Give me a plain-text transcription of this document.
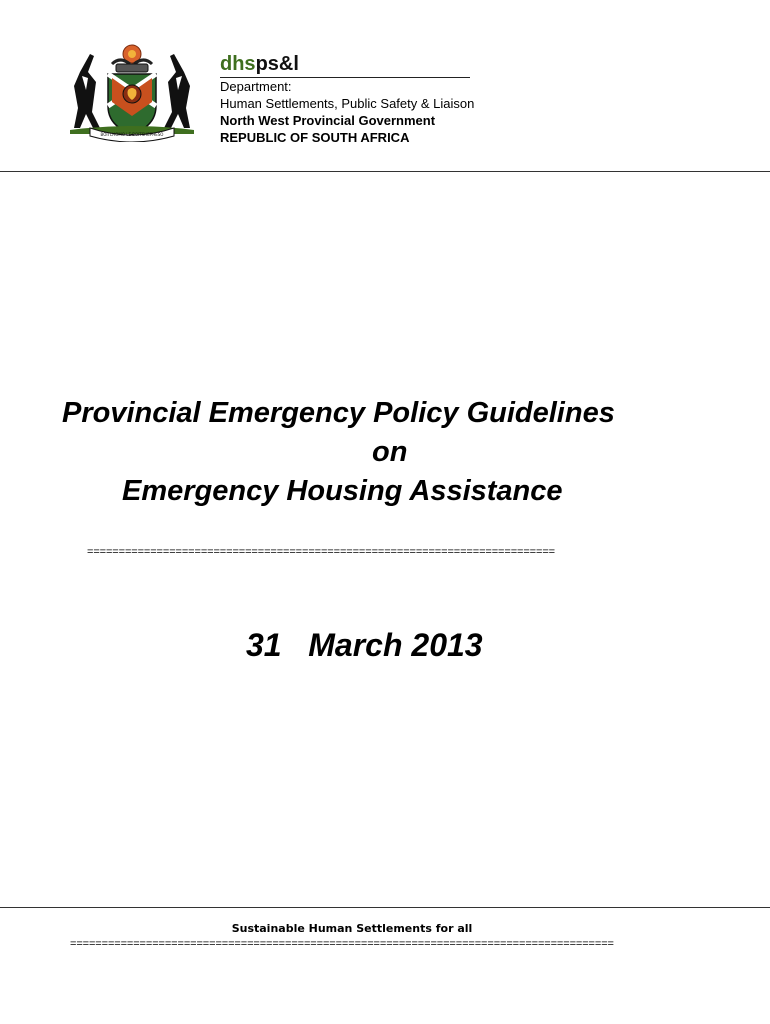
BOITLHOMO LE BOITSHEPHESO
dhsps&l
Department:
Human Settlements, Public Safety & Liaison
North West Provincial Government
REPUBLIC OF SOUTH AFRICA
Provincial Emergency Policy Guidelines
on
Emergency Housing Assistance
==========================================================================
31   March 2013
Sustainable Human Settlements for all
======================================================================================
